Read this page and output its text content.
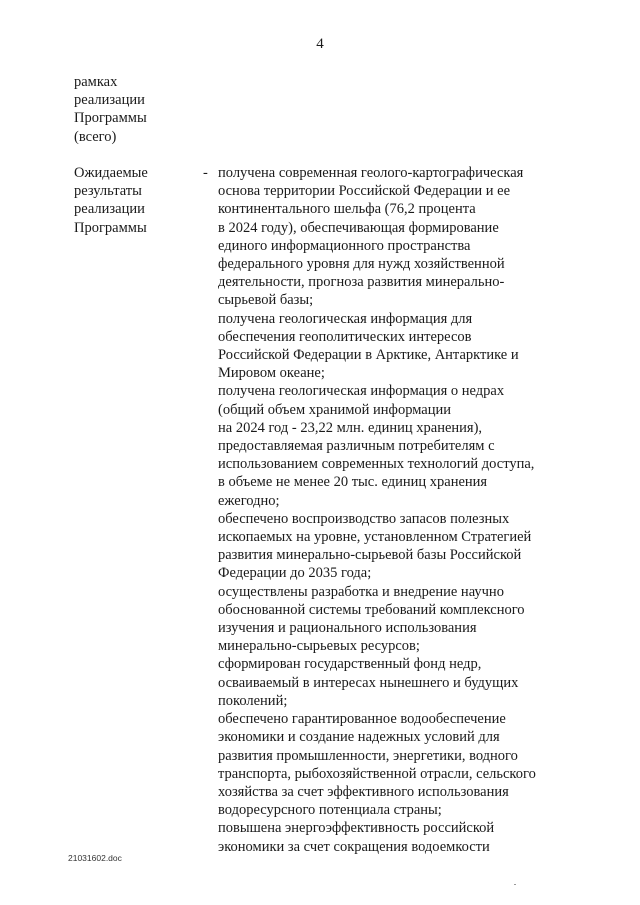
4
рамках
реализации
Программы
(всего)
Ожидаемые
результаты
реализации
Программы
- получена современная геолого-картографическая
основа территории Российской Федерации и ее
континентального шельфа (76,2 процента
в 2024 году), обеспечивающая формирование
единого информационного пространства
федерального уровня для нужд хозяйственной
деятельности, прогноза развития минерально-
сырьевой базы;
получена геологическая информация для
обеспечения геополитических интересов
Российской Федерации в Арктике, Антарктике и
Мировом океане;
получена геологическая информация о недрах
(общий объем хранимой информации
на 2024 год - 23,22 млн. единиц хранения),
предоставляемая различным потребителям с
использованием современных технологий доступа,
в объеме не менее 20 тыс. единиц хранения
ежегодно;
обеспечено воспроизводство запасов полезных
ископаемых на уровне, установленном Стратегией
развития минерально-сырьевой базы Российской
Федерации до 2035 года;
осуществлены разработка и внедрение научно
обоснованной системы требований комплексного
изучения и рационального использования
минерально-сырьевых ресурсов;
сформирован государственный фонд недр,
осваиваемый в интересах нынешнего и будущих
поколений;
обеспечено гарантированное водообеспечение
экономики и создание надежных условий для
развития промышленности, энергетики, водного
транспорта, рыбохозяйственной отрасли, сельского
хозяйства за счет эффективного использования
водоресурсного потенциала страны;
повышена энергоэффективность российской
экономики за счет сокращения водоемкости
21031602.doc
